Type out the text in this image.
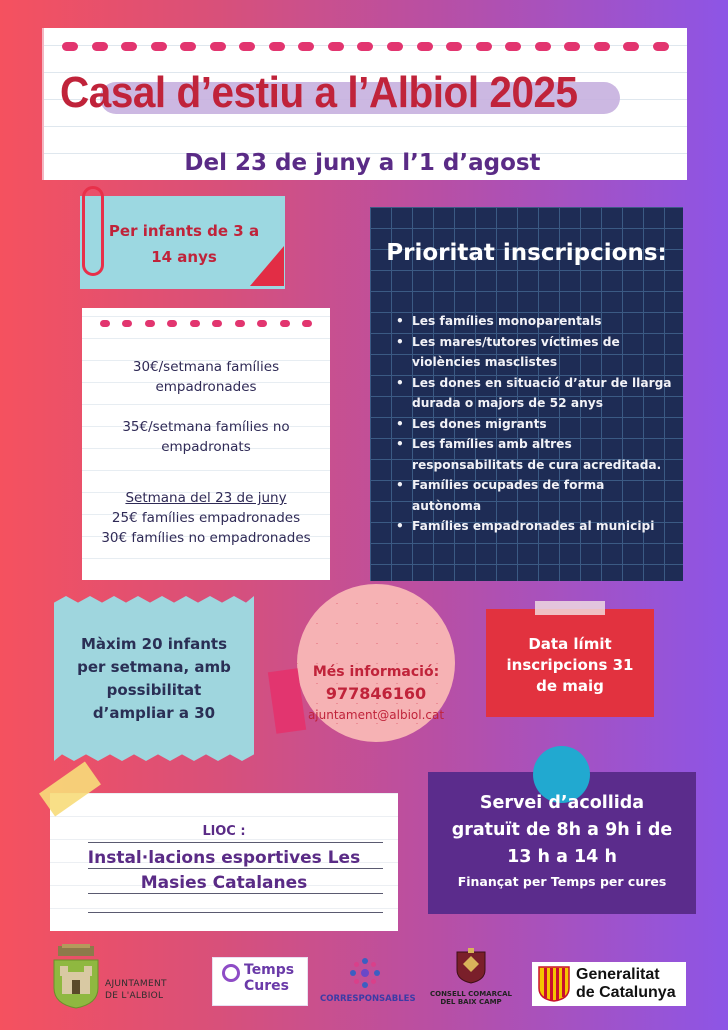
Casal d’estiu a l’Albiol 2025
Del 23 de juny a l’1 d’agost
Per infants de 3 a
14 anys
30€/setmana famílies
empadronades
35€/setmana famílies no
empadronats
Setmana del 23 de juny
25€ famílies empadronades
30€ famílies no empadronades
Prioritat inscripcions:
• Les famílies monoparentals
• Les mares/tutores víctimes de violències masclistes
• Les dones en situació d’atur de llarga durada o majors de 52 anys
• Les dones migrants
• Les famílies amb altres responsabilitats de cura acreditada.
• Famílies ocupades de forma autònoma
• Famílies empadronades al municipi
Màxim 20 infants
per setmana, amb
possibilitat
d’ampliar a 30
Més informació:
977846160
ajuntament@albiol.cat
Data límit
inscripcions 31
de maig
LlOC :
Instal·lacions esportives Les
Masies Catalanes
Servei d’acollida
gratuït de 8h a 9h i de
13 h a 14 h
Finançat per Temps per cures
AJUNTAMENT
DE L'ALBIOL
Temps
Cures
CORRESPONSABLES	CONSELL COMARCAL
DEL BAIX CAMP
Generalitat
de Catalunya
